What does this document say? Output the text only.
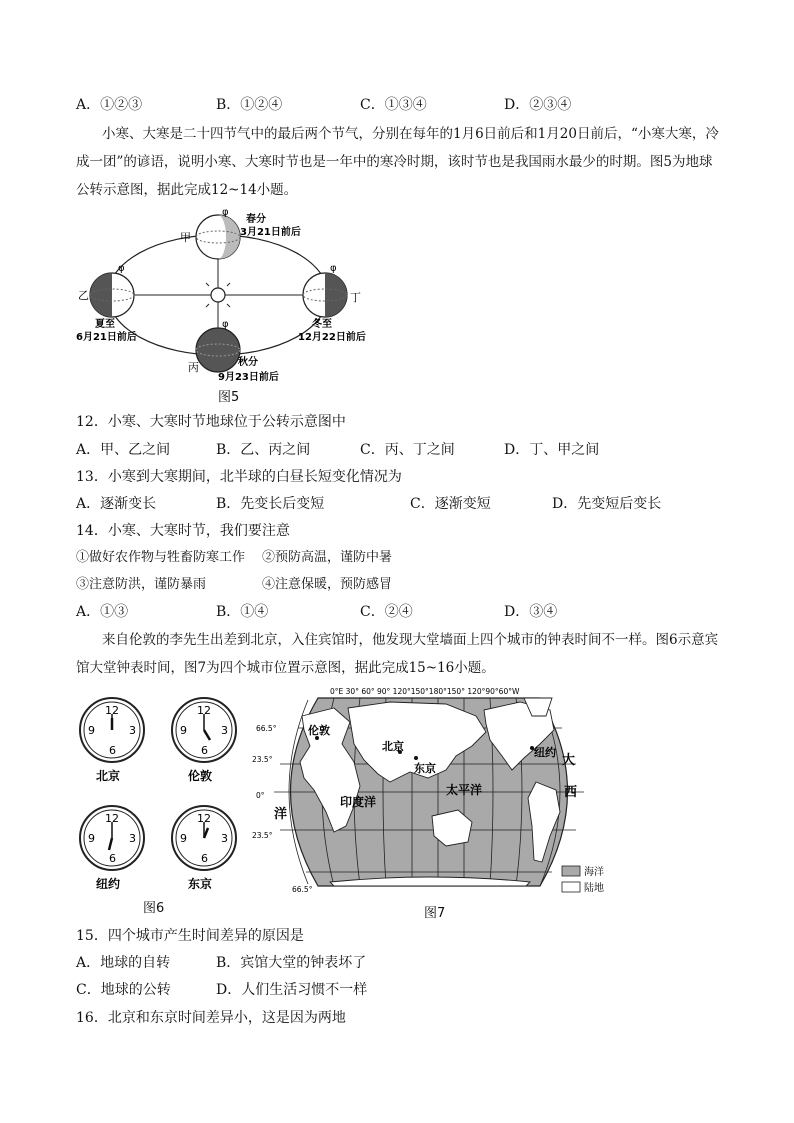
A．①②③	B．①②④	C．①③④	D．②③④
小寒、大寒是二十四节气中的最后两个节气，分别在每年的1月6日前后和1月20日前后，“小寒大寒，冷成一团”的谚语，说明小寒、大寒时节也是一年中的寒冷时期，该时节也是我国雨水最少的时期。图5为地球公转示意图，据此完成12~14小题。
φ
φ	φ
φ
甲
春分
3月21日前后
乙
夏至
6月21日前后
丁
冬至
12月22日前后
丙	秋分
9月23日前后
图5
12．小寒、大寒时节地球位于公转示意图中
A．甲、乙之间	B．乙、丙之间	C．丙、丁之间	D．丁、甲之间
13．小寒到大寒期间，北半球的白昼长短变化情况为
A．逐渐变长	B．先变长后变短	C．逐渐变短	D．先变短后变长
14．小寒、大寒时节，我们要注意
①做好农作物与牲畜防寒工作 ②预防高温，谨防中暑
③注意防洪，谨防暴雨	④注意保暖，预防感冒
A．①③	B．①④	C．②④	D．③④
来自伦敦的李先生出差到北京，入住宾馆时，他发现大堂墙面上四个城市的钟表时间不一样。图6示意宾馆大堂钟表时间，图7为四个城市位置示意图，据此完成15~16小题。
12
3
6
9
北京
12
3
6
9
伦敦
12
3
6
9
纽约
12
3
6
9
东京
图6
0°E 30° 60° 90° 120°150°180°150° 120°90°60°W
66.5°
23.5°
0°
23.5°
66.5°
伦敦
北京
东京
纽约
印度洋
太平洋
大
西
洋
海洋
陆地
图7
15．四个城市产生时间差异的原因是
A．地球的自转	B．宾馆大堂的钟表坏了
C．地球的公转	D．人们生活习惯不一样
16．北京和东京时间差异小，这是因为两地
